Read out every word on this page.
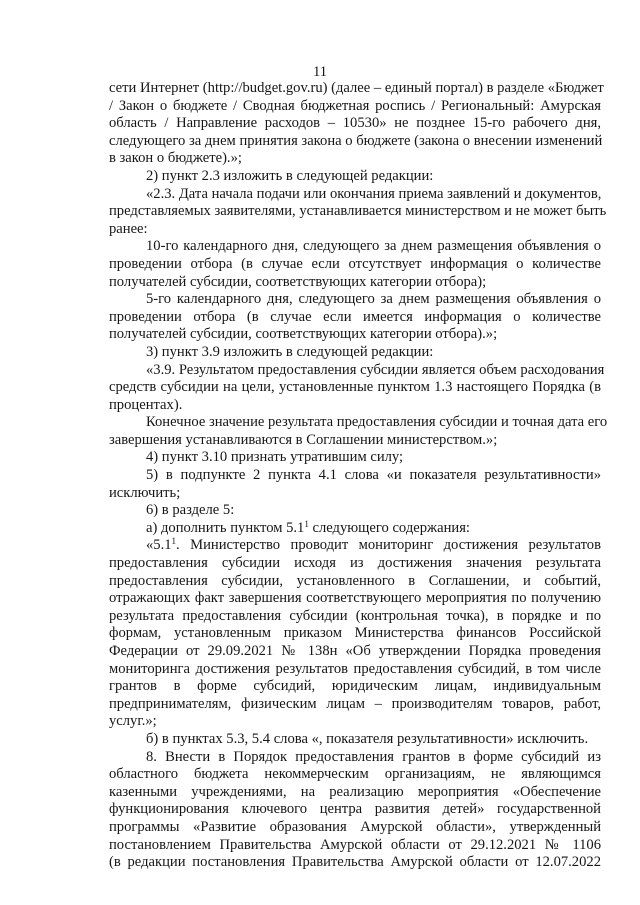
11
сети Интернет (http://budget.gov.ru) (далее – единый портал) в разделе «Бюджет
/ Закон о бюджете / Сводная бюджетная роспись / Региональный: Амурская
область / Направление расходов – 10530» не позднее 15-го рабочего дня,
следующего за днем принятия закона о бюджете (закона о внесении изменений
в закон о бюджете).»;
2) пункт 2.3 изложить в следующей редакции:
«2.3. Дата начала подачи или окончания приема заявлений и документов,
представляемых заявителями, устанавливается министерством и не может быть
ранее:
10-го календарного дня, следующего за днем размещения объявления о
проведении отбора (в случае если отсутствует информация о количестве
получателей субсидии, соответствующих категории отбора);
5-го календарного дня, следующего за днем размещения объявления о
проведении отбора (в случае если имеется информация о количестве
получателей субсидии, соответствующих категории отбора).»;
3) пункт 3.9 изложить в следующей редакции:
«3.9. Результатом предоставления субсидии является объем расходования
средств субсидии на цели, установленные пунктом 1.3 настоящего Порядка (в
процентах).
Конечное значение результата предоставления субсидии и точная дата его
завершения устанавливаются в Соглашении министерством.»;
4) пункт 3.10 признать утратившим силу;
5) в подпункте 2 пункта 4.1 слова «и показателя результативности»
исключить;
6) в разделе 5:
а) дополнить пунктом $5.1^1$ следующего содержания:
«$5.1^1$. Министерство проводит мониторинг достижения результатов
предоставления субсидии исходя из достижения значения результата
предоставления субсидии, установленного в Соглашении, и событий,
отражающих факт завершения соответствующего мероприятия по получению
результата предоставления субсидии (контрольная точка), в порядке и по
формам, установленным приказом Министерства финансов Российской
Федерации от 29.09.2021 № 138н «Об утверждении Порядка проведения
мониторинга достижения результатов предоставления субсидий, в том числе
грантов в форме субсидий, юридическим лицам, индивидуальным
предпринимателям, физическим лицам – производителям товаров, работ,
услуг.»;
б) в пунктах 5.3, 5.4 слова «, показателя результативности» исключить.
8. Внести в Порядок предоставления грантов в форме субсидий из
областного бюджета некоммерческим организациям, не являющимся
казенными учреждениями, на реализацию мероприятия «Обеспечение
функционирования ключевого центра развития детей» государственной
программы «Развитие образования Амурской области», утвержденный
постановлением Правительства Амурской области от 29.12.2021 № 1106
(в редакции постановления Правительства Амурской области от 12.07.2022
